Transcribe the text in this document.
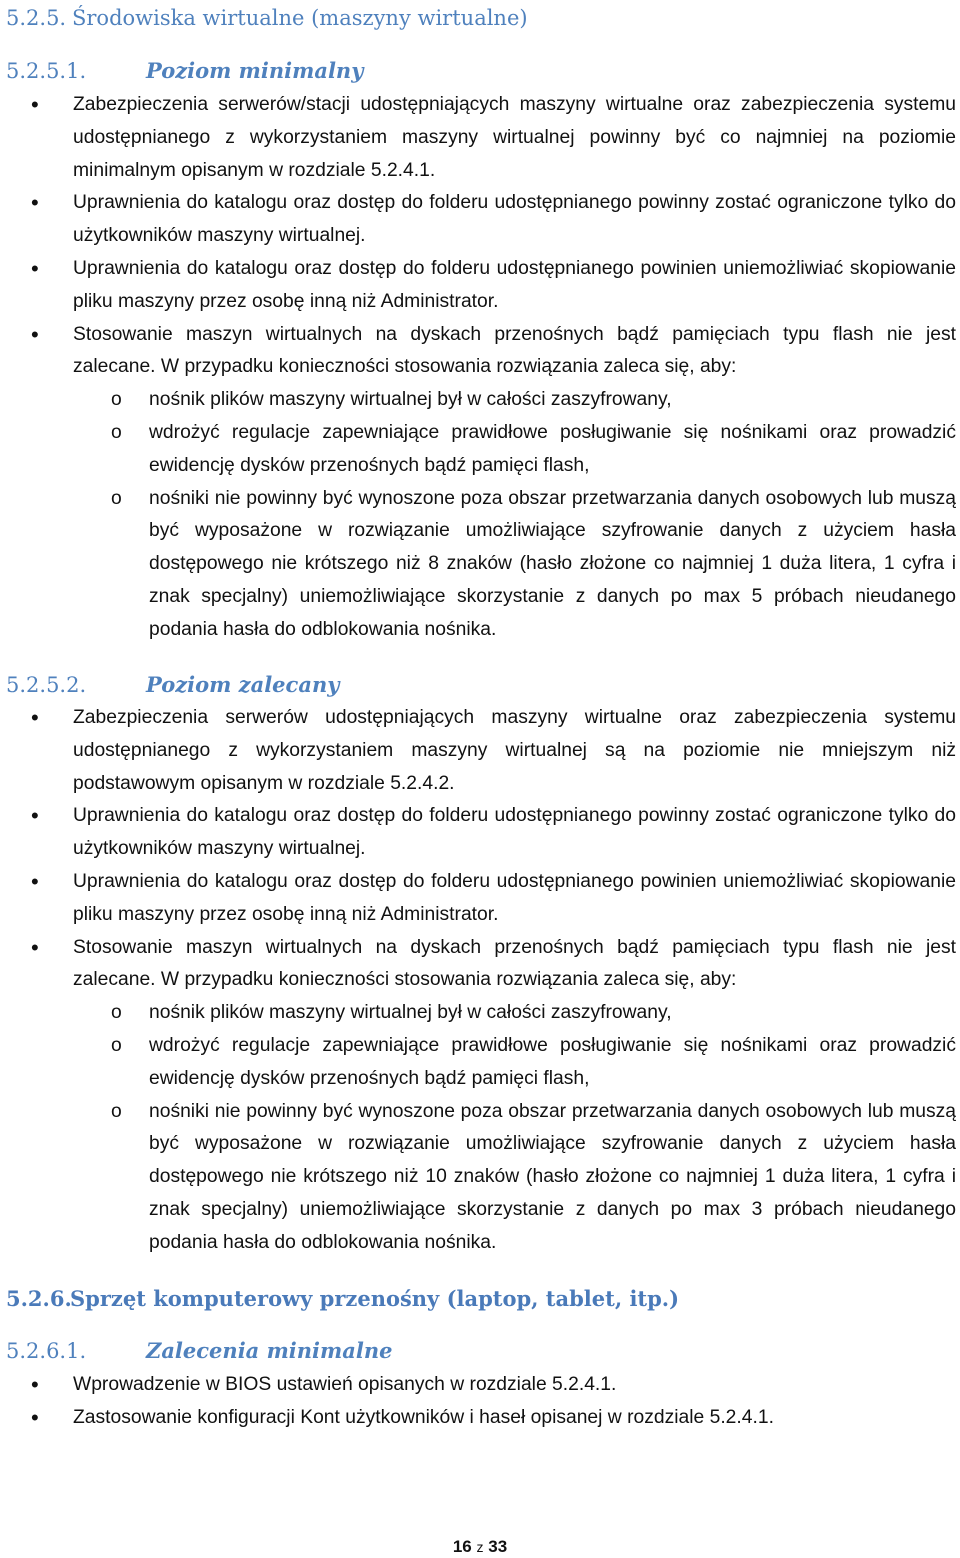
5.2.5. Środowiska wirtualne (maszyny wirtualne)
5.2.5.1.	Poziom minimalny
• Zabezpieczenia serwerów/stacji udostępniających maszyny wirtualne oraz zabezpieczenia systemu udostępnianego z wykorzystaniem maszyny wirtualnej powinny być co najmniej na poziomie minimalnym opisanym w rozdziale 5.2.4.1.
• Uprawnienia do katalogu oraz dostęp do folderu udostępnianego powinny zostać ograniczone tylko do użytkowników maszyny wirtualnej.
• Uprawnienia do katalogu oraz dostęp do folderu udostępnianego powinien uniemożliwiać skopiowanie pliku maszyny przez osobę inną niż Administrator.
• Stosowanie maszyn wirtualnych na dyskach przenośnych bądź pamięciach typu flash nie jest zalecane. W przypadku konieczności stosowania rozwiązania zaleca się, aby:
o nośnik plików maszyny wirtualnej był w całości zaszyfrowany,
o wdrożyć regulacje zapewniające prawidłowe posługiwanie się nośnikami oraz prowadzić ewidencję dysków przenośnych bądź pamięci flash,
o nośniki nie powinny być wynoszone poza obszar przetwarzania danych osobowych lub muszą być wyposażone w rozwiązanie umożliwiające szyfrowanie danych z użyciem hasła dostępowego nie krótszego niż 8 znaków (hasło złożone co najmniej 1 duża litera, 1 cyfra i znak specjalny) uniemożliwiające skorzystanie z danych po max 5 próbach nieudanego podania hasła do odblokowania nośnika.
5.2.5.2.	Poziom zalecany
• Zabezpieczenia serwerów udostępniających maszyny wirtualne oraz zabezpieczenia systemu udostępnianego z wykorzystaniem maszyny wirtualnej są na poziomie nie mniejszym niż podstawowym opisanym w rozdziale 5.2.4.2.
• Uprawnienia do katalogu oraz dostęp do folderu udostępnianego powinny zostać ograniczone tylko do użytkowników maszyny wirtualnej.
• Uprawnienia do katalogu oraz dostęp do folderu udostępnianego powinien uniemożliwiać skopiowanie pliku maszyny przez osobę inną niż Administrator.
• Stosowanie maszyn wirtualnych na dyskach przenośnych bądź pamięciach typu flash nie jest zalecane. W przypadku konieczności stosowania rozwiązania zaleca się, aby:
o nośnik plików maszyny wirtualnej był w całości zaszyfrowany,
o wdrożyć regulacje zapewniające prawidłowe posługiwanie się nośnikami oraz prowadzić ewidencję dysków przenośnych bądź pamięci flash,
o nośniki nie powinny być wynoszone poza obszar przetwarzania danych osobowych lub muszą być wyposażone w rozwiązanie umożliwiające szyfrowanie danych z użyciem hasła dostępowego nie krótszego niż 10 znaków (hasło złożone co najmniej 1 duża litera, 1 cyfra i znak specjalny) uniemożliwiające skorzystanie z danych po max 3 próbach nieudanego podania hasła do odblokowania nośnika.
5.2.6.Sprzęt komputerowy przenośny (laptop, tablet, itp.)
5.2.6.1.	Zalecenia minimalne
• Wprowadzenie w BIOS ustawień opisanych w rozdziale 5.2.4.1.
• Zastosowanie konfiguracji Kont użytkowników i haseł opisanej w rozdziale 5.2.4.1.
16 z 33
